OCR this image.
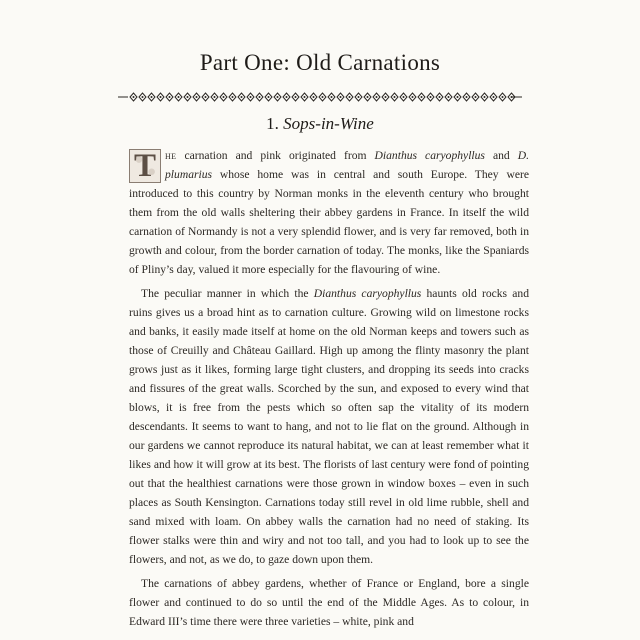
Part One: Old Carnations
1. Sops-in-Wine

T he carnation and pink originated from Dianthus caryophyllus and D. plumarius whose home was in central and south Europe. They were introduced to this country by Norman monks in the eleventh century who brought them from the old walls sheltering their abbey gardens in France. In itself the wild carnation of Normandy is not a very splendid flower, and is very far removed, both in growth and colour, from the border carnation of today. The monks, like the Spaniards of Pliny’s day, valued it more especially for the flavouring of wine.

The peculiar manner in which the Dianthus caryophyllus haunts old rocks and ruins gives us a broad hint as to carnation culture. Growing wild on limestone rocks and banks, it easily made itself at home on the old Norman keeps and towers such as those of Creuilly and Château Gaillard. High up among the flinty masonry the plant grows just as it likes, forming large tight clusters, and dropping its seeds into cracks and fissures of the great walls. Scorched by the sun, and exposed to every wind that blows, it is free from the pests which so often sap the vitality of its modern descendants. It seems to want to hang, and not to lie flat on the ground. Although in our gardens we cannot reproduce its natural habitat, we can at least remember what it likes and how it will grow at its best. The florists of last century were fond of pointing out that the healthiest carnations were those grown in window boxes – even in such places as South Kensington. Carnations today still revel in old lime rubble, shell and sand mixed with loam. On abbey walls the carnation had no need of staking. Its flower stalks were thin and wiry and not too tall, and you had to look up to see the flowers, and not, as we do, to gaze down upon them.

The carnations of abbey gardens, whether of France or England, bore a single flower and continued to do so until the end of the Middle Ages. As to colour, in Edward III’s time there were three varieties – white, pink and
